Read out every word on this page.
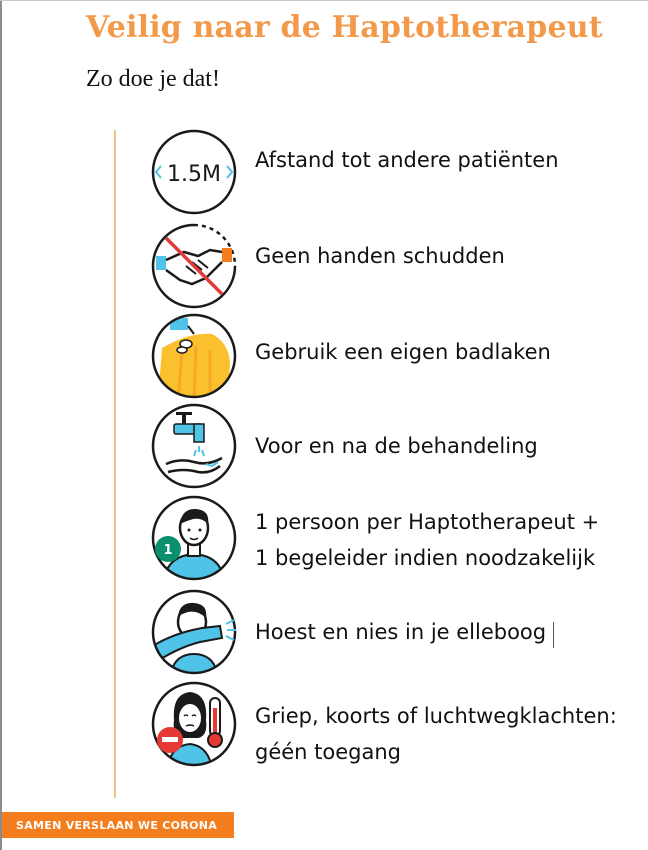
Veilig naar de Haptotherapeut
Zo doe je dat!
1.5M
Afstand tot andere patiënten
Geen handen schudden
Gebruik een eigen badlaken
Voor en na de behandeling
1
1 persoon per Haptotherapeut +
1 begeleider indien noodzakelijk
Hoest en nies in je elleboog
Griep, koorts of luchtwegklachten:
géén toegang
SAMEN VERSLAAN WE CORONA
